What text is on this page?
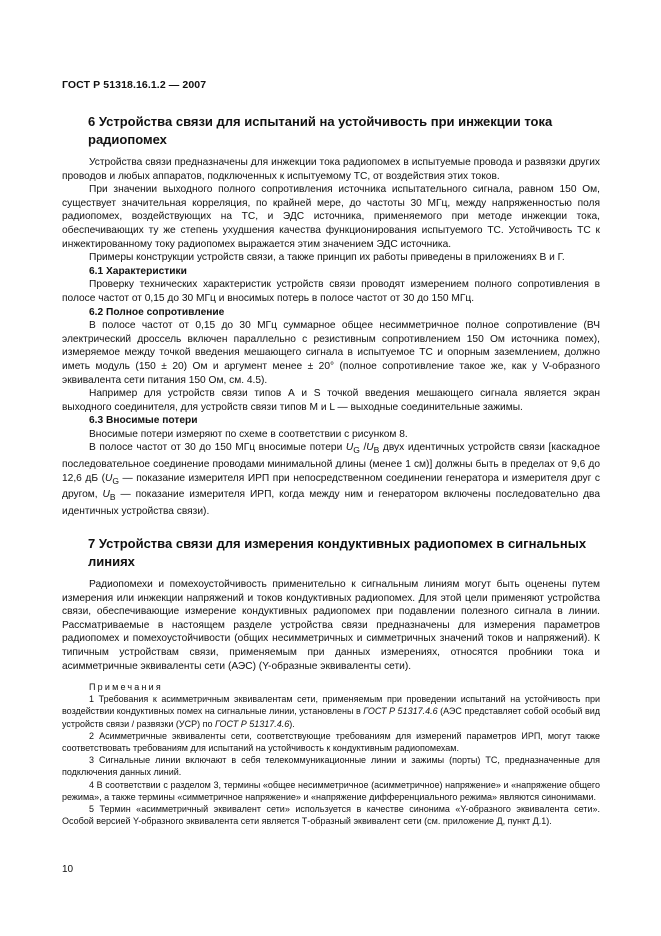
ГОСТ Р 51318.16.1.2 — 2007
6 Устройства связи для испытаний на устойчивость при инжекции тока радиопомех

Устройства связи предназначены для инжекции тока радиопомех в испытуемые провода и развязки других проводов и любых аппаратов, подключенных к испытуемому ТС, от воздействия этих токов.

При значении выходного полного сопротивления источника испытательного сигнала, равном 150 Ом, существует значительная корреляция, по крайней мере, до частоты 30 МГц, между напряженностью поля радиопомех, воздействующих на ТС, и ЭДС источника, применяемого при методе инжекции тока, обеспечивающих ту же степень ухудшения качества функционирования испытуемого ТС. Устойчивость ТС к инжектированному току радиопомех выражается этим значением ЭДС источника.

Примеры конструкции устройств связи, а также принцип их работы приведены в приложениях В и Г.

6.1 Характеристики

Проверку технических характеристик устройств связи проводят измерением полного сопротивления в полосе частот от 0,15 до 30 МГц и вносимых потерь в полосе частот от 30 до 150 МГц.

6.2 Полное сопротивление

В полосе частот от 0,15 до 30 МГц суммарное общее несимметричное полное сопротивление (ВЧ электрический дроссель включен параллельно с резистивным сопротивлением 150 Ом источника помех), измеряемое между точкой введения мешающего сигнала в испытуемое ТС и опорным заземлением, должно иметь модуль (150 ± 20) Ом и аргумент менее ± 20° (полное сопротивление такое же, как у V-образного эквивалента сети питания 150 Ом, см. 4.5).

Например для устройств связи типов А и S точкой введения мешающего сигнала является экран выходного соединителя, для устройств связи типов М и L — выходные соединительные зажимы.

6.3 Вносимые потери

Вносимые потери измеряют по схеме в соответствии с рисунком 8.

В полосе частот от 30 до 150 МГц вносимые потери $U_G$ $/U_B$ двух идентичных устройств связи [каскадное последовательное соединение проводами минимальной длины (менее 1 см)] должны быть в пределах от 9,6 до 12,6 дБ ($U_G$ — показание измерителя ИРП при непосредственном соединении генератора и измерителя друг с другом, $U_B$ — показание измерителя ИРП, когда между ним и генератором включены последовательно два идентичных устройства связи).

7 Устройства связи для измерения кондуктивных радиопомех в сигнальных линиях

Радиопомехи и помехоустойчивость применительно к сигнальным линиям могут быть оценены путем измерения или инжекции напряжений и токов кондуктивных радиопомех. Для этой цели применяют устройства связи, обеспечивающие измерение кондуктивных радиопомех при подавлении полезного сигнала в линии. Рассматриваемые в настоящем разделе устройства связи предназначены для измерения параметров радиопомех и помехоустойчивости (общих несимметричных и симметричных значений токов и напряжений). К типичным устройствам связи, применяемым при данных измерениях, относятся пробники тока и асимметричные эквиваленты сети (АЭС) (Y-образные эквиваленты сети).

Примечания

1 Требования к асимметричным эквивалентам сети, применяемым при проведении испытаний на устойчивость при воздействии кондуктивных помех на сигнальные линии, установлены в ГОСТ Р 51317.4.6 (АЭС представляет собой особый вид устройств связи / развязки (УСР) по ГОСТ Р 51317.4.6).

2 Асимметричные эквиваленты сети, соответствующие требованиям для измерений параметров ИРП, могут также соответствовать требованиям для испытаний на устойчивость к кондуктивным радиопомехам.

3 Сигнальные линии включают в себя телекоммуникационные линии и зажимы (порты) ТС, предназначенные для подключения данных линий.

4 В соответствии с разделом 3, термины «общее несимметричное (асимметричное) напряжение» и «напряжение общего режима», а также термины «симметричное напряжение» и «напряжение дифференциального режима» являются синонимами.

5 Термин «асимметричный эквивалент сети» используется в качестве синонима «Y-образного эквивалента сети». Особой версией Y-образного эквивалента сети является Т-образный эквивалент сети (см. приложение Д, пункт Д.1).

10
